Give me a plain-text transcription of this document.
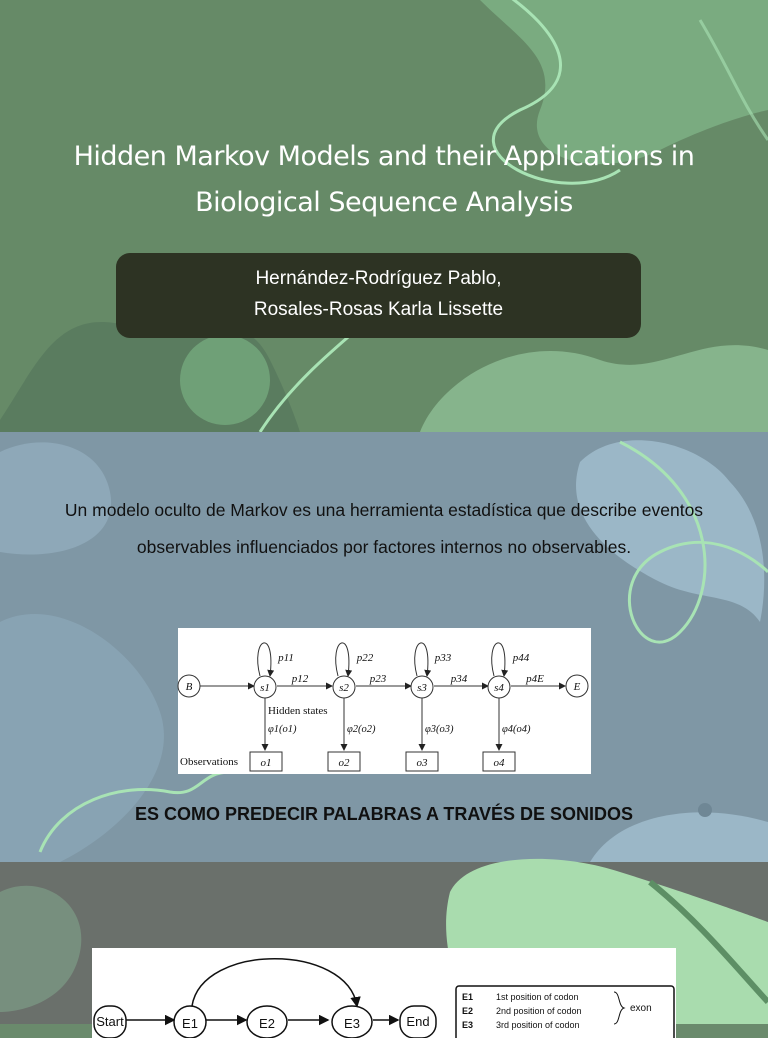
Hidden Markov Models and their Applications in Biological Sequence Analysis
Hernández-Rodríguez Pablo,
Rosales-Rosas Karla Lissette
Un modelo oculto de Markov es una herramienta estadística que describe eventos observables influenciados por factores internos no observables.
B	E
s1	s2	s3	s4
p11	p22	p33	p44
p12	p23	p34	p4E
o1	o2	o3	o4
φ1(o1)	φ2(o2)	φ3(o3)	φ4(o4)
Hidden states
Observations
ES COMO PREDECIR PALABRAS A TRAVÉS DE SONIDOS
Start	E1	E2	E3	End
E1	1st position of codon
E2	2nd position of codon
E3	3rd position of codon
exon
